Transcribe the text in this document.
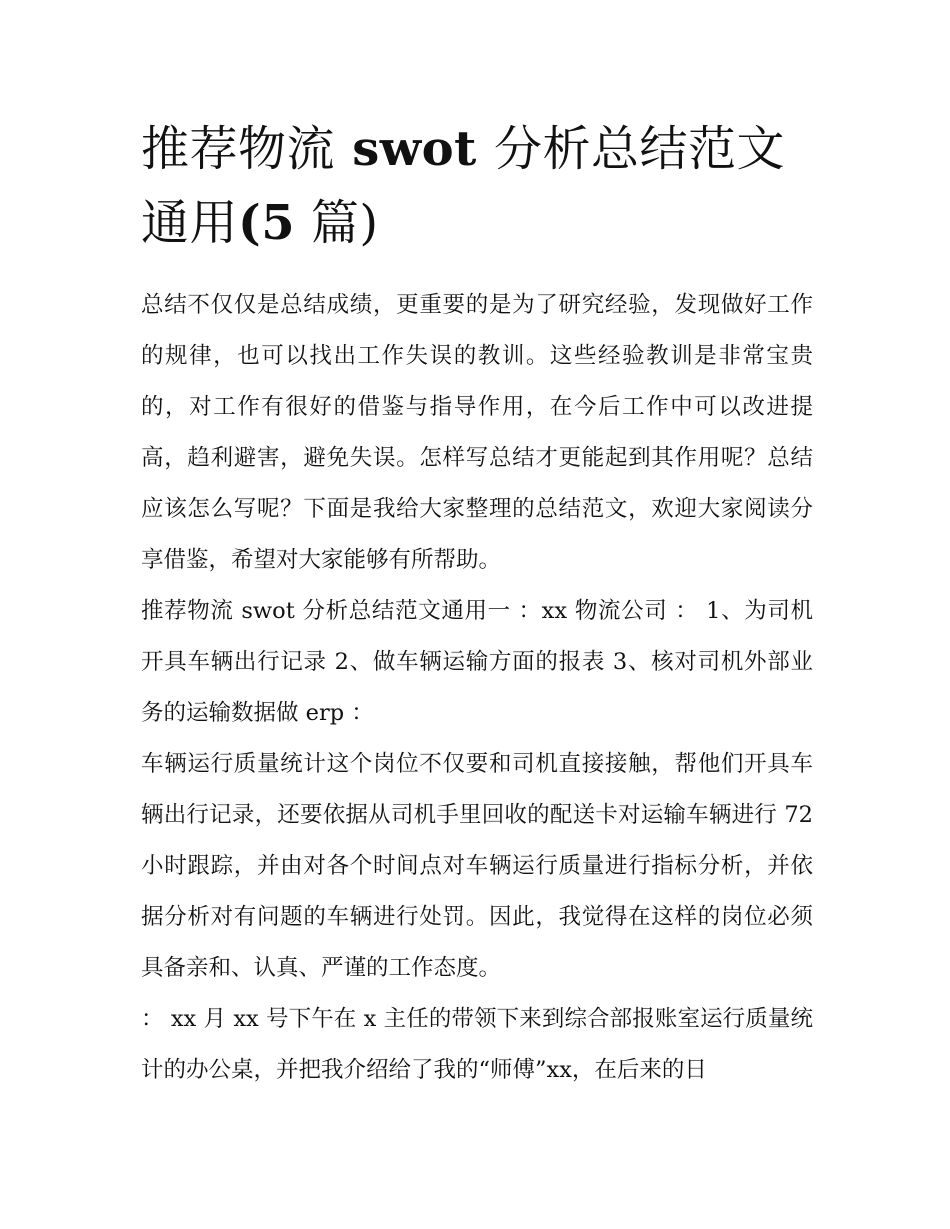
推荐物流 swot 分析总结范文
通用(5 篇)

总结不仅仅是总结成绩，更重要的是为了研究经验，发现做好工作的规律，也可以找出工作失误的教训。这些经验教训是非常宝贵的，对工作有很好的借鉴与指导作用，在今后工作中可以改进提高，趋利避害，避免失误。怎样写总结才更能起到其作用呢？总结应该怎么写呢？下面是我给大家整理的总结范文，欢迎大家阅读分享借鉴，希望对大家能够有所帮助。

推荐物流 swot 分析总结范文通用一 ：xx 物流公司 ： 1、为司机开具车辆出行记录 2、做车辆运输方面的报表 3、核对司机外部业务的运输数据做 erp ：

车辆运行质量统计这个岗位不仅要和司机直接接触，帮他们开具车辆出行记录，还要依据从司机手里回收的配送卡对运输车辆进行 72 小时跟踪，并由对各个时间点对车辆运行质量进行指标分析，并依据分析对有问题的车辆进行处罚。因此，我觉得在这样的岗位必须具备亲和、认真、严谨的工作态度。

： xx 月 xx 号下午在 x 主任的带领下来到综合部报账室运行质量统计的办公桌，并把我介绍给了我的“师傅”xx，在后来的日
